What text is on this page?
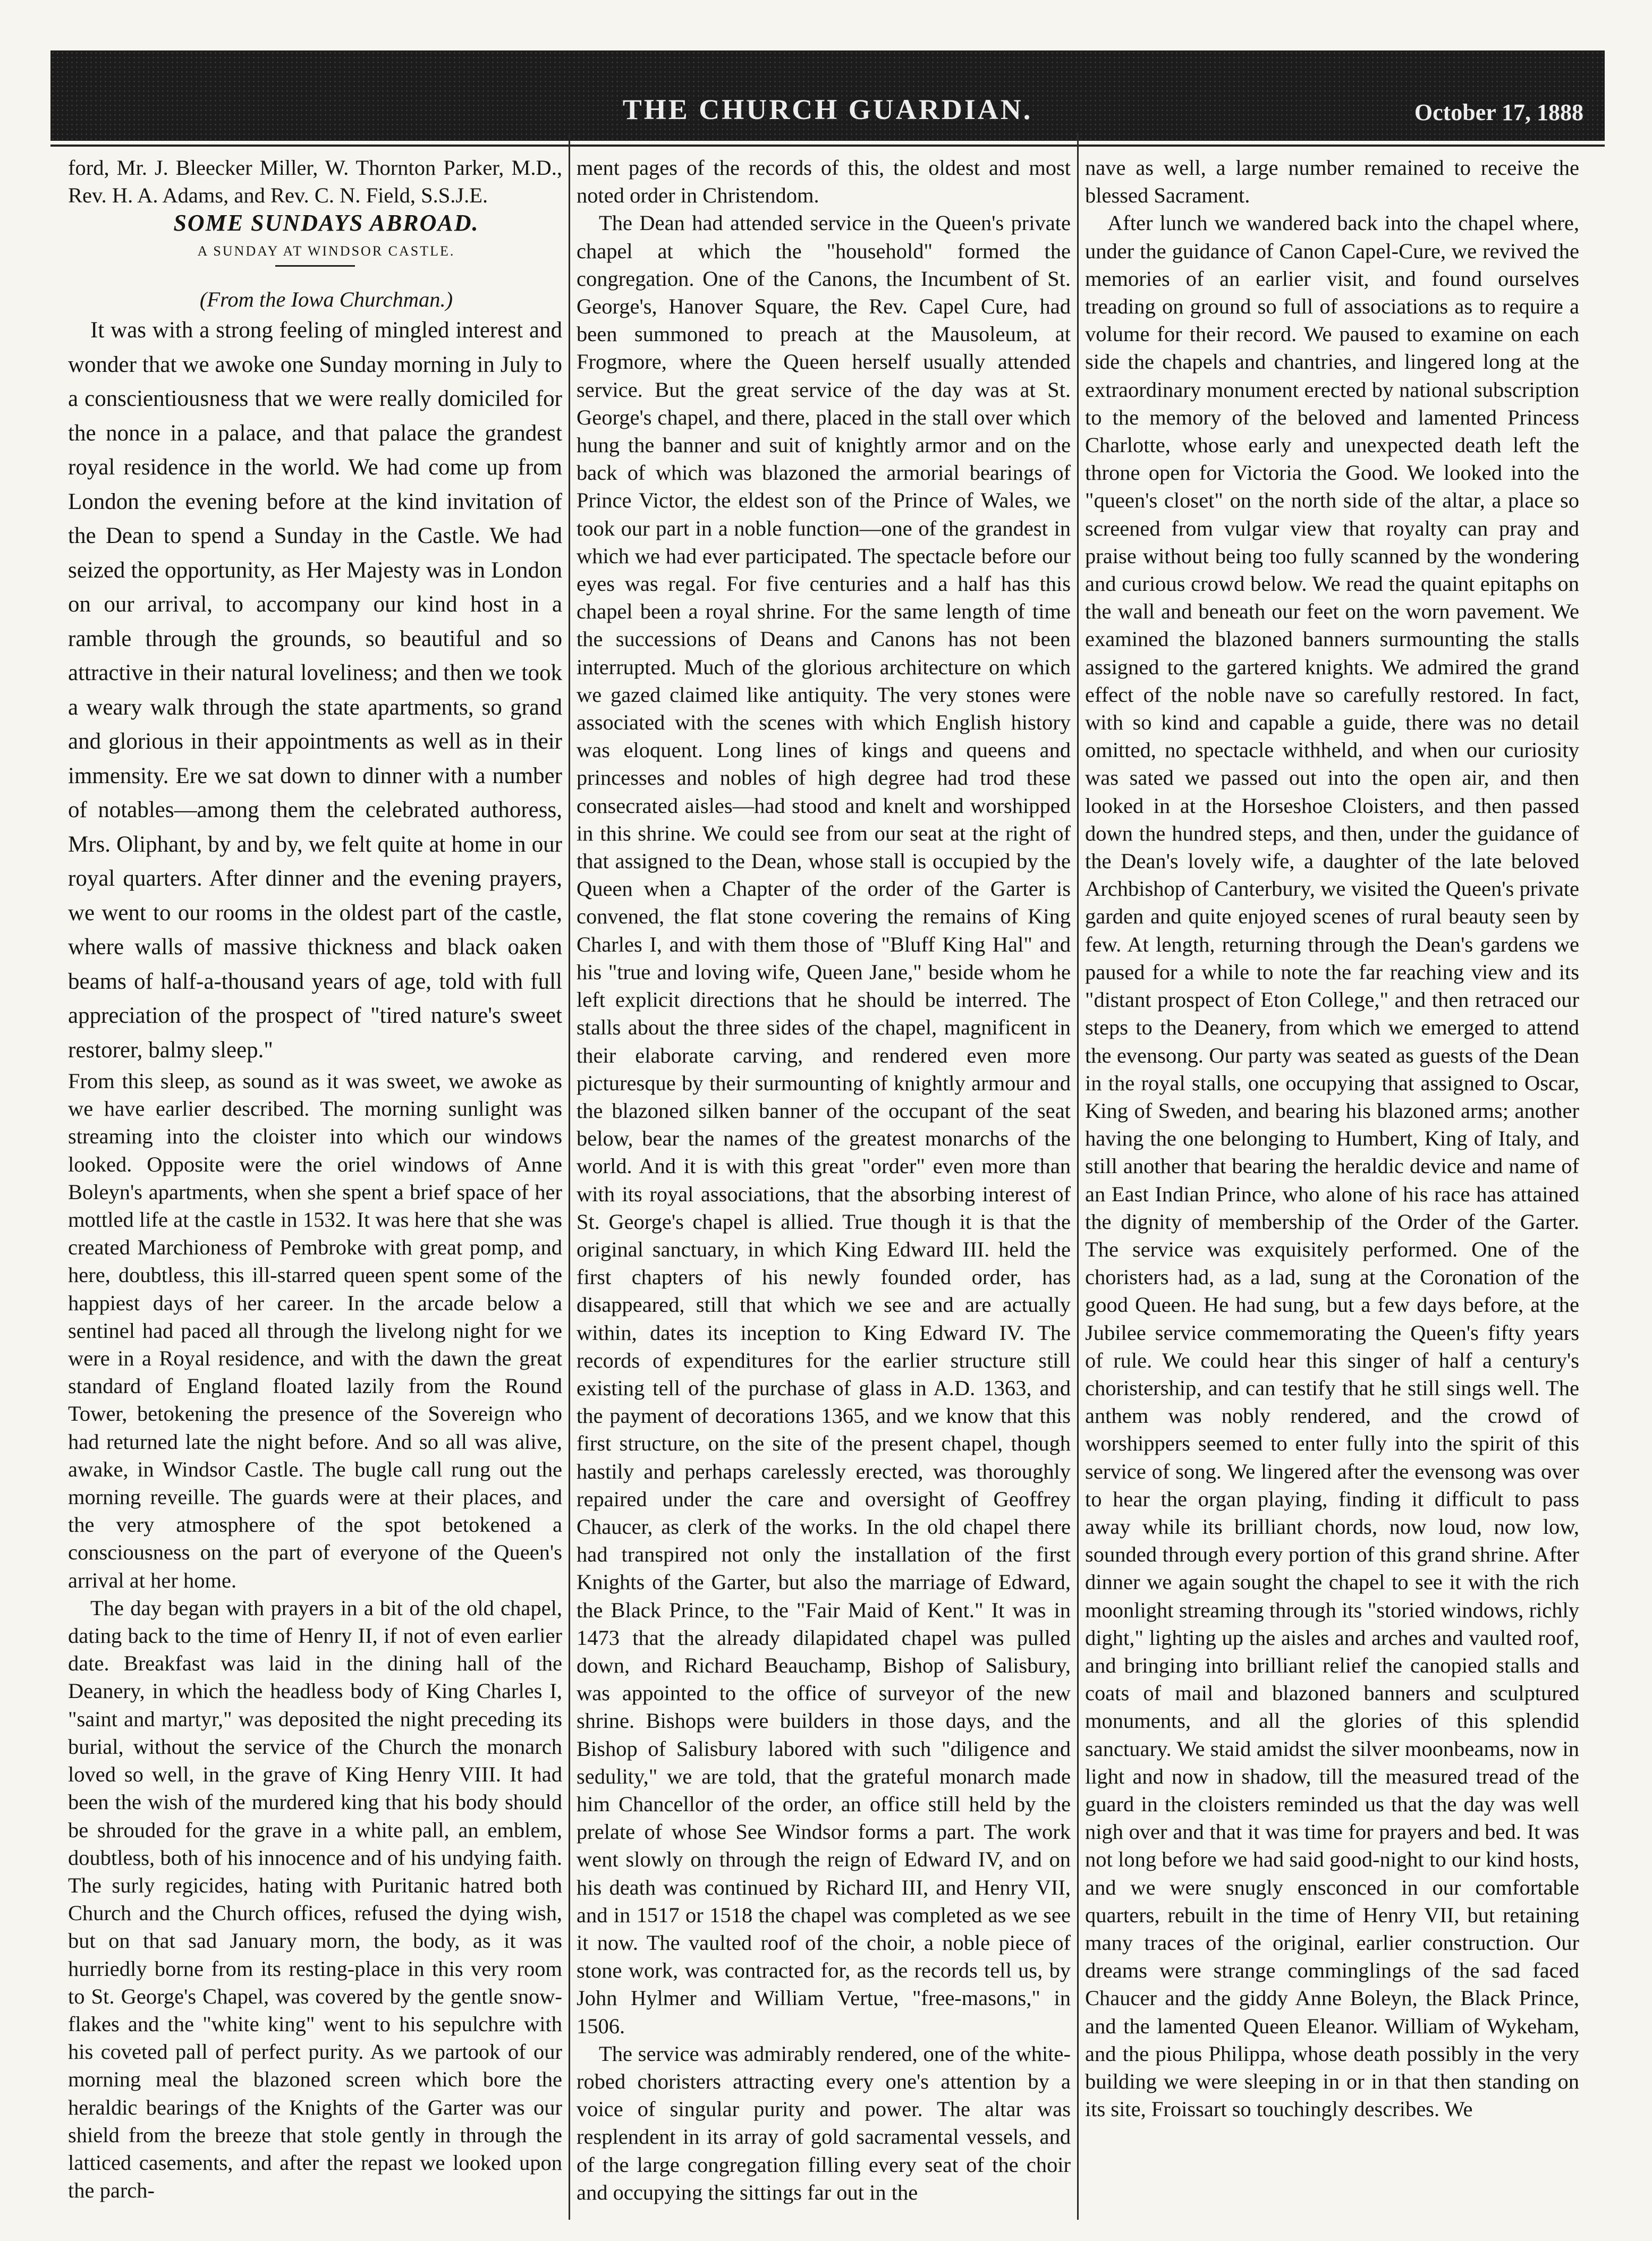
THE CHURCH GUARDIAN.	October 17, 1888

ford, Mr. J. Bleecker Miller, W. Thornton Parker, M.D., Rev. H. A. Adams, and Rev. C. N. Field, S.S.J.E.

SOME SUNDAYS ABROAD.

A SUNDAY AT WINDSOR CASTLE.

(From the Iowa Churchman.)

It was with a strong feeling of mingled interest and wonder that we awoke one Sunday morning in July to a conscientiousness that we were really domiciled for the nonce in a palace, and that palace the grandest royal residence in the world. We had come up from London the evening before at the kind invitation of the Dean to spend a Sunday in the Castle. We had seized the opportunity, as Her Majesty was in London on our arrival, to accompany our kind host in a ramble through the grounds, so beautiful and so attractive in their natural loveliness; and then we took a weary walk through the state apartments, so grand and glorious in their appointments as well as in their immensity. Ere we sat down to dinner with a number of notables—among them the celebrated authoress, Mrs. Oliphant, by and by, we felt quite at home in our royal quarters. After dinner and the evening prayers, we went to our rooms in the oldest part of the castle, where walls of massive thickness and black oaken beams of half-a-thousand years of age, told with full appreciation of the prospect of "tired nature's sweet restorer, balmy sleep."

From this sleep, as sound as it was sweet, we awoke as we have earlier described. The morning sunlight was streaming into the cloister into which our windows looked. Opposite were the oriel windows of Anne Boleyn's apartments, when she spent a brief space of her mottled life at the castle in 1532. It was here that she was created Marchioness of Pembroke with great pomp, and here, doubtless, this ill-starred queen spent some of the happiest days of her career. In the arcade below a sentinel had paced all through the livelong night for we were in a Royal residence, and with the dawn the great standard of England floated lazily from the Round Tower, betokening the presence of the Sovereign who had returned late the night before. And so all was alive, awake, in Windsor Castle. The bugle call rung out the morning reveille. The guards were at their places, and the very atmosphere of the spot betokened a consciousness on the part of everyone of the Queen's arrival at her home.

The day began with prayers in a bit of the old chapel, dating back to the time of Henry II, if not of even earlier date. Breakfast was laid in the dining hall of the Deanery, in which the headless body of King Charles I, "saint and martyr," was deposited the night preceding its burial, without the service of the Church the monarch loved so well, in the grave of King Henry VIII. It had been the wish of the murdered king that his body should be shrouded for the grave in a white pall, an emblem, doubtless, both of his innocence and of his undying faith. The surly regicides, hating with Puritanic hatred both Church and the Church offices, refused the dying wish, but on that sad January morn, the body, as it was hurriedly borne from its resting-place in this very room to St. George's Chapel, was covered by the gentle snow-flakes and the "white king" went to his sepulchre with his coveted pall of perfect purity. As we partook of our morning meal the blazoned screen which bore the heraldic bearings of the Knights of the Garter was our shield from the breeze that stole gently in through the latticed casements, and after the repast we looked upon the parch-

ment pages of the records of this, the oldest and most noted order in Christendom.

The Dean had attended service in the Queen's private chapel at which the "household" formed the congregation. One of the Canons, the Incumbent of St. George's, Hanover Square, the Rev. Capel Cure, had been summoned to preach at the Mausoleum, at Frogmore, where the Queen herself usually attended service. But the great service of the day was at St. George's chapel, and there, placed in the stall over which hung the banner and suit of knightly armor and on the back of which was blazoned the armorial bearings of Prince Victor, the eldest son of the Prince of Wales, we took our part in a noble function—one of the grandest in which we had ever participated. The spectacle before our eyes was regal. For five centuries and a half has this chapel been a royal shrine. For the same length of time the successions of Deans and Canons has not been interrupted. Much of the glorious architecture on which we gazed claimed like antiquity. The very stones were associated with the scenes with which English history was eloquent. Long lines of kings and queens and princesses and nobles of high degree had trod these consecrated aisles—had stood and knelt and worshipped in this shrine. We could see from our seat at the right of that assigned to the Dean, whose stall is occupied by the Queen when a Chapter of the order of the Garter is convened, the flat stone covering the remains of King Charles I, and with them those of "Bluff King Hal" and his "true and loving wife, Queen Jane," beside whom he left explicit directions that he should be interred. The stalls about the three sides of the chapel, magnificent in their elaborate carving, and rendered even more picturesque by their surmounting of knightly armour and the blazoned silken banner of the occupant of the seat below, bear the names of the greatest monarchs of the world. And it is with this great "order" even more than with its royal associations, that the absorbing interest of St. George's chapel is allied. True though it is that the original sanctuary, in which King Edward III. held the first chapters of his newly founded order, has disappeared, still that which we see and are actually within, dates its inception to King Edward IV. The records of expenditures for the earlier structure still existing tell of the purchase of glass in A.D. 1363, and the payment of decorations 1365, and we know that this first structure, on the site of the present chapel, though hastily and perhaps carelessly erected, was thoroughly repaired under the care and oversight of Geoffrey Chaucer, as clerk of the works. In the old chapel there had transpired not only the installation of the first Knights of the Garter, but also the marriage of Edward, the Black Prince, to the "Fair Maid of Kent." It was in 1473 that the already dilapidated chapel was pulled down, and Richard Beauchamp, Bishop of Salisbury, was appointed to the office of surveyor of the new shrine. Bishops were builders in those days, and the Bishop of Salisbury labored with such "diligence and sedulity," we are told, that the grateful monarch made him Chancellor of the order, an office still held by the prelate of whose See Windsor forms a part. The work went slowly on through the reign of Edward IV, and on his death was continued by Richard III, and Henry VII, and in 1517 or 1518 the chapel was completed as we see it now. The vaulted roof of the choir, a noble piece of stone work, was contracted for, as the records tell us, by John Hylmer and William Vertue, "free-masons," in 1506.

The service was admirably rendered, one of the white-robed choristers attracting every one's attention by a voice of singular purity and power. The altar was resplendent in its array of gold sacramental vessels, and of the large congregation filling every seat of the choir and occupying the sittings far out in the

nave as well, a large number remained to receive the blessed Sacrament.

After lunch we wandered back into the chapel where, under the guidance of Canon Capel-Cure, we revived the memories of an earlier visit, and found ourselves treading on ground so full of associations as to require a volume for their record. We paused to examine on each side the chapels and chantries, and lingered long at the extraordinary monument erected by national subscription to the memory of the beloved and lamented Princess Charlotte, whose early and unexpected death left the throne open for Victoria the Good. We looked into the "queen's closet" on the north side of the altar, a place so screened from vulgar view that royalty can pray and praise without being too fully scanned by the wondering and curious crowd below. We read the quaint epitaphs on the wall and beneath our feet on the worn pavement. We examined the blazoned banners surmounting the stalls assigned to the gartered knights. We admired the grand effect of the noble nave so carefully restored. In fact, with so kind and capable a guide, there was no detail omitted, no spectacle withheld, and when our curiosity was sated we passed out into the open air, and then looked in at the Horseshoe Cloisters, and then passed down the hundred steps, and then, under the guidance of the Dean's lovely wife, a daughter of the late beloved Archbishop of Canterbury, we visited the Queen's private garden and quite enjoyed scenes of rural beauty seen by few. At length, returning through the Dean's gardens we paused for a while to note the far reaching view and its "distant prospect of Eton College," and then retraced our steps to the Deanery, from which we emerged to attend the evensong. Our party was seated as guests of the Dean in the royal stalls, one occupying that assigned to Oscar, King of Sweden, and bearing his blazoned arms; another having the one belonging to Humbert, King of Italy, and still another that bearing the heraldic device and name of an East Indian Prince, who alone of his race has attained the dignity of membership of the Order of the Garter. The service was exquisitely performed. One of the choristers had, as a lad, sung at the Coronation of the good Queen. He had sung, but a few days before, at the Jubilee service commemorating the Queen's fifty years of rule. We could hear this singer of half a century's choristership, and can testify that he still sings well. The anthem was nobly rendered, and the crowd of worshippers seemed to enter fully into the spirit of this service of song. We lingered after the evensong was over to hear the organ playing, finding it difficult to pass away while its brilliant chords, now loud, now low, sounded through every portion of this grand shrine. After dinner we again sought the chapel to see it with the rich moonlight streaming through its "storied windows, richly dight," lighting up the aisles and arches and vaulted roof, and bringing into brilliant relief the canopied stalls and coats of mail and blazoned banners and sculptured monuments, and all the glories of this splendid sanctuary. We staid amidst the silver moonbeams, now in light and now in shadow, till the measured tread of the guard in the cloisters reminded us that the day was well nigh over and that it was time for prayers and bed. It was not long before we had said good-night to our kind hosts, and we were snugly ensconced in our comfortable quarters, rebuilt in the time of Henry VII, but retaining many traces of the original, earlier construction. Our dreams were strange comminglings of the sad faced Chaucer and the giddy Anne Boleyn, the Black Prince, and the lamented Queen Eleanor. William of Wykeham, and the pious Philippa, whose death possibly in the very building we were sleeping in or in that then standing on its site, Froissart so touchingly describes. We
